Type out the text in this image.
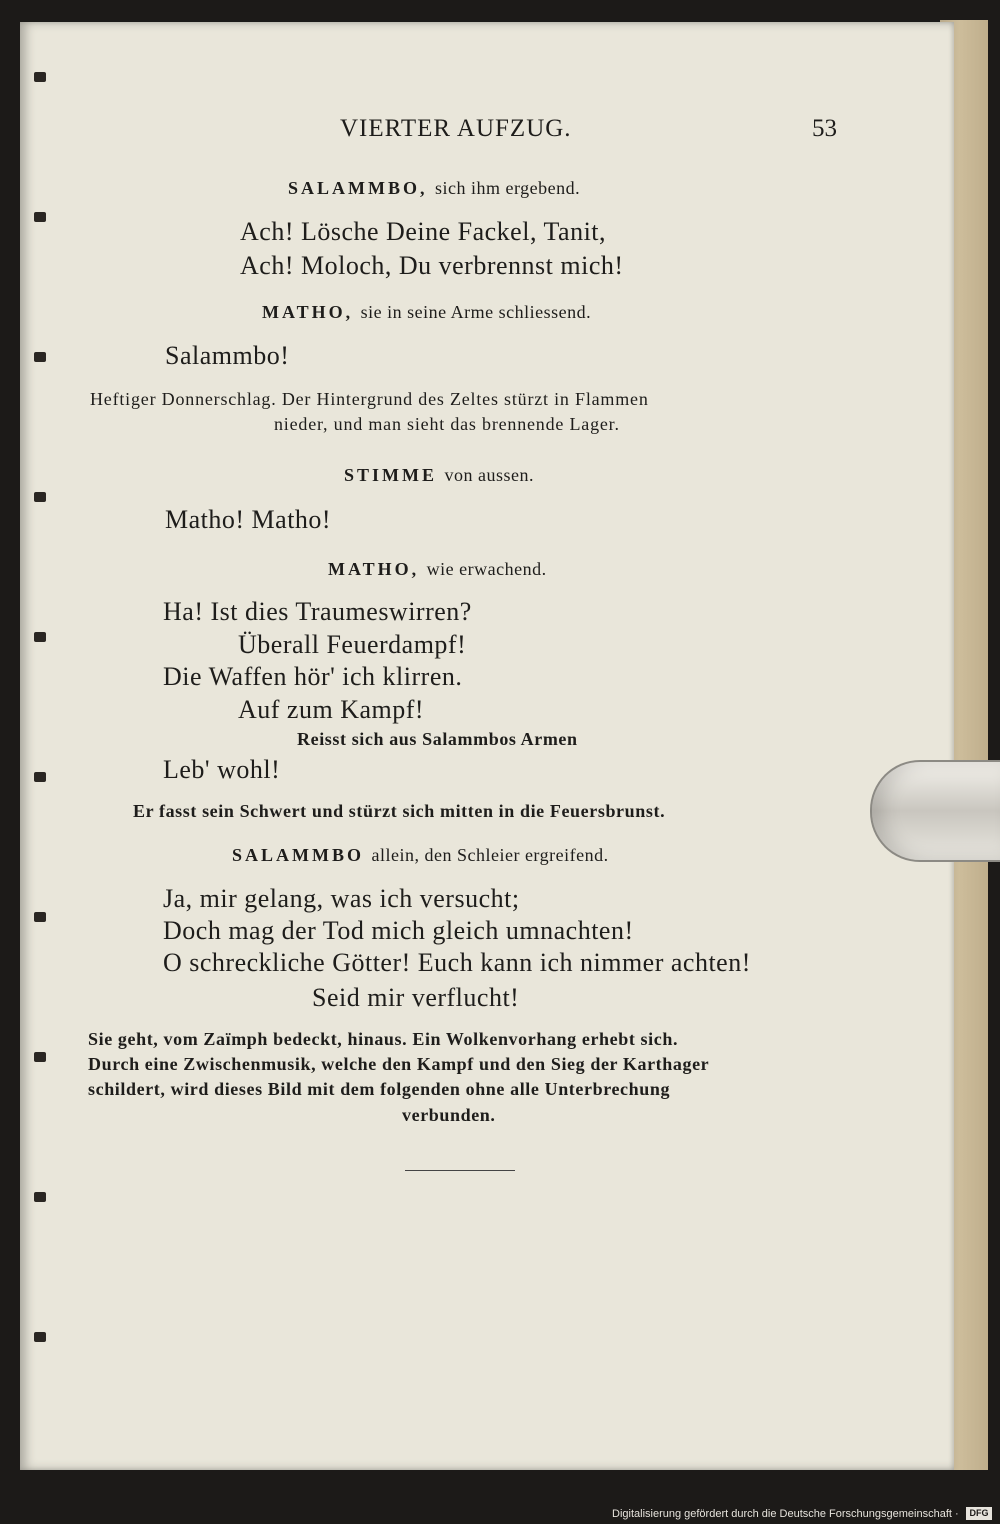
VIERTER AUFZUG.	53

SALAMMBO, sich ihm ergebend.

Ach! Lösche Deine Fackel, Tanit,

Ach! Moloch, Du verbrennst mich!

MATHO, sie in seine Arme schliessend.

Salammbo!

Heftiger Donnerschlag. Der Hintergrund des Zeltes stürzt in Flammen

nieder, und man sieht das brennende Lager.

STIMME von aussen.

Matho! Matho!

MATHO, wie erwachend.

Ha! Ist dies Traumeswirren?

Überall Feuerdampf!

Die Waffen hör' ich klirren.

Auf zum Kampf!

Reisst sich aus Salammbos Armen

Leb' wohl!

Er fasst sein Schwert und stürzt sich mitten in die Feuersbrunst.

SALAMMBO allein, den Schleier ergreifend.

Ja, mir gelang, was ich versucht;

Doch mag der Tod mich gleich umnachten!

O schreckliche Götter! Euch kann ich nimmer achten!

Seid mir verflucht!

Sie geht, vom Zaïmph bedeckt, hinaus. Ein Wolkenvorhang erhebt sich.

Durch eine Zwischenmusik, welche den Kampf und den Sieg der Karthager

schildert, wird dieses Bild mit dem folgenden ohne alle Unterbrechung

verbunden.

Digitalisierung gefördert durch die Deutsche Forschungsgemeinschaft ·	DFG
